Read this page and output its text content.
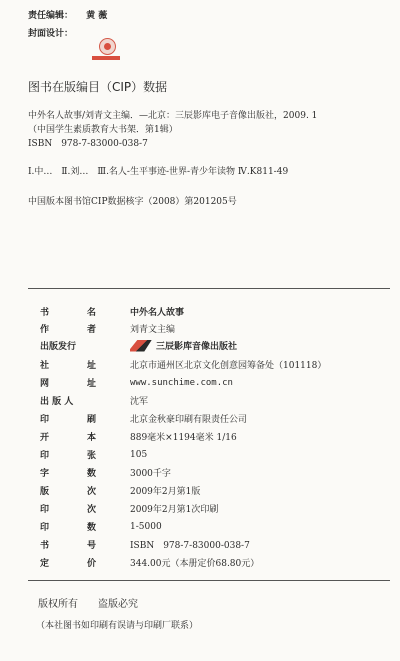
责任编辑： 黄 薇
封面设计：
图书在版编目（CIP）数据
中外名人故事/刘青文主编．—北京：三辰影库电子音像出版社，2009. 1
（中国学生素质教育大书架．第1辑）
ISBN　978-7-83000-038-7
Ⅰ.中…　Ⅱ.刘…　Ⅲ.名人-生平事迹-世界-青少年读物 Ⅳ.K811-49
中国版本图书馆CIP数据核字（2008）第201205号
书	名	中外名人故事
作	者	刘青文主编
出版发行	三辰影库音像出版社
社	址	北京市通州区北京文化创意园筹备处（101118）
网	址	www.sunchime.com.cn
出 版 人	沈军
印	刷	北京金秋豪印刷有限责任公司
开	本	889毫米×1194毫米 1/16
印	张	105
字	数	3000千字
版	次	2009年2月第1版
印	次	2009年2月第1次印刷
印	数	1-5000
书	号	ISBN　978-7-83000-038-7
定	价	344.00元（本册定价68.80元）
版权所有　　盗版必究
（本社图书如印刷有误请与印刷厂联系）
